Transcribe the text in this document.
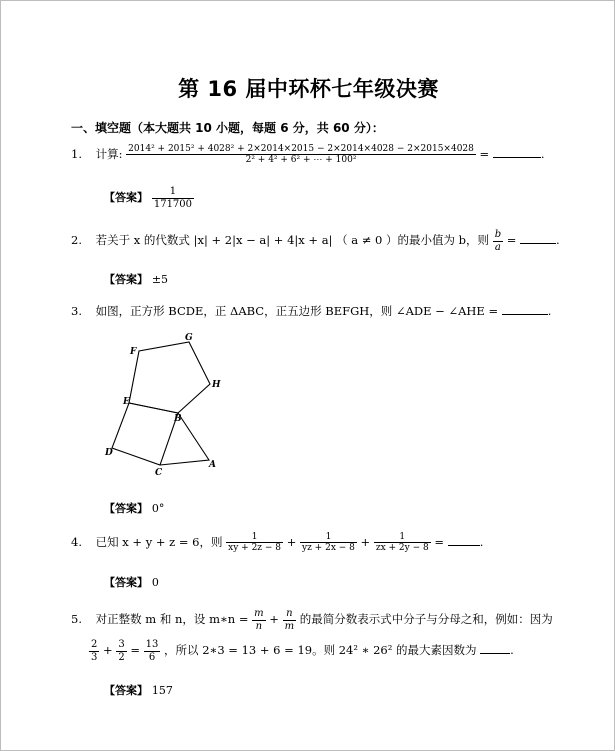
第 16 届中环杯七年级决赛
一、填空题（本大题共 10 小题，每题 6 分，共 60 分）：
1. 计算: 2014² + 2015² + 4028² + 2×2014×2015 − 2×2014×4028 − 2×2015×4028
2² + 4² + 6² + ⋯ + 100²	=	.
【答案】 $\frac{1}{171700}$
2. 若关于 x 的代数式 |x| + 2|x − a| + 4|x + a| （ a ≠ 0 ）的最小值为 b，则 $\frac{b}{a}$ =	.
【答案】 ±5
3. 如图，正方形 BCDE，正 ΔABC，正五边形 BEFGH，则 ∠ADE − ∠AHE =	.
F
G
H
E
B
D
C
A
【答案】 0°
4. 已知 x + y + z = 6，则 $\frac{1}{xy + 2z - 8} + \frac{1}{yz + 2x - 8} + \frac{1}{zx + 2y - 8}$ =	.
【答案】 0
5. 对正整数 m 和 n，设 m∗n = $\frac{m}{n} + \frac{n}{m}$ 的最简分数表示式中分子与分母之和，例如：因为
$\frac{2}{3} + \frac{3}{2} = \frac{13}{6}$ ，所以 2∗3 = 13 + 6 = 19。则 24² ∗ 26² 的最大素因数为	.
【答案】 157
